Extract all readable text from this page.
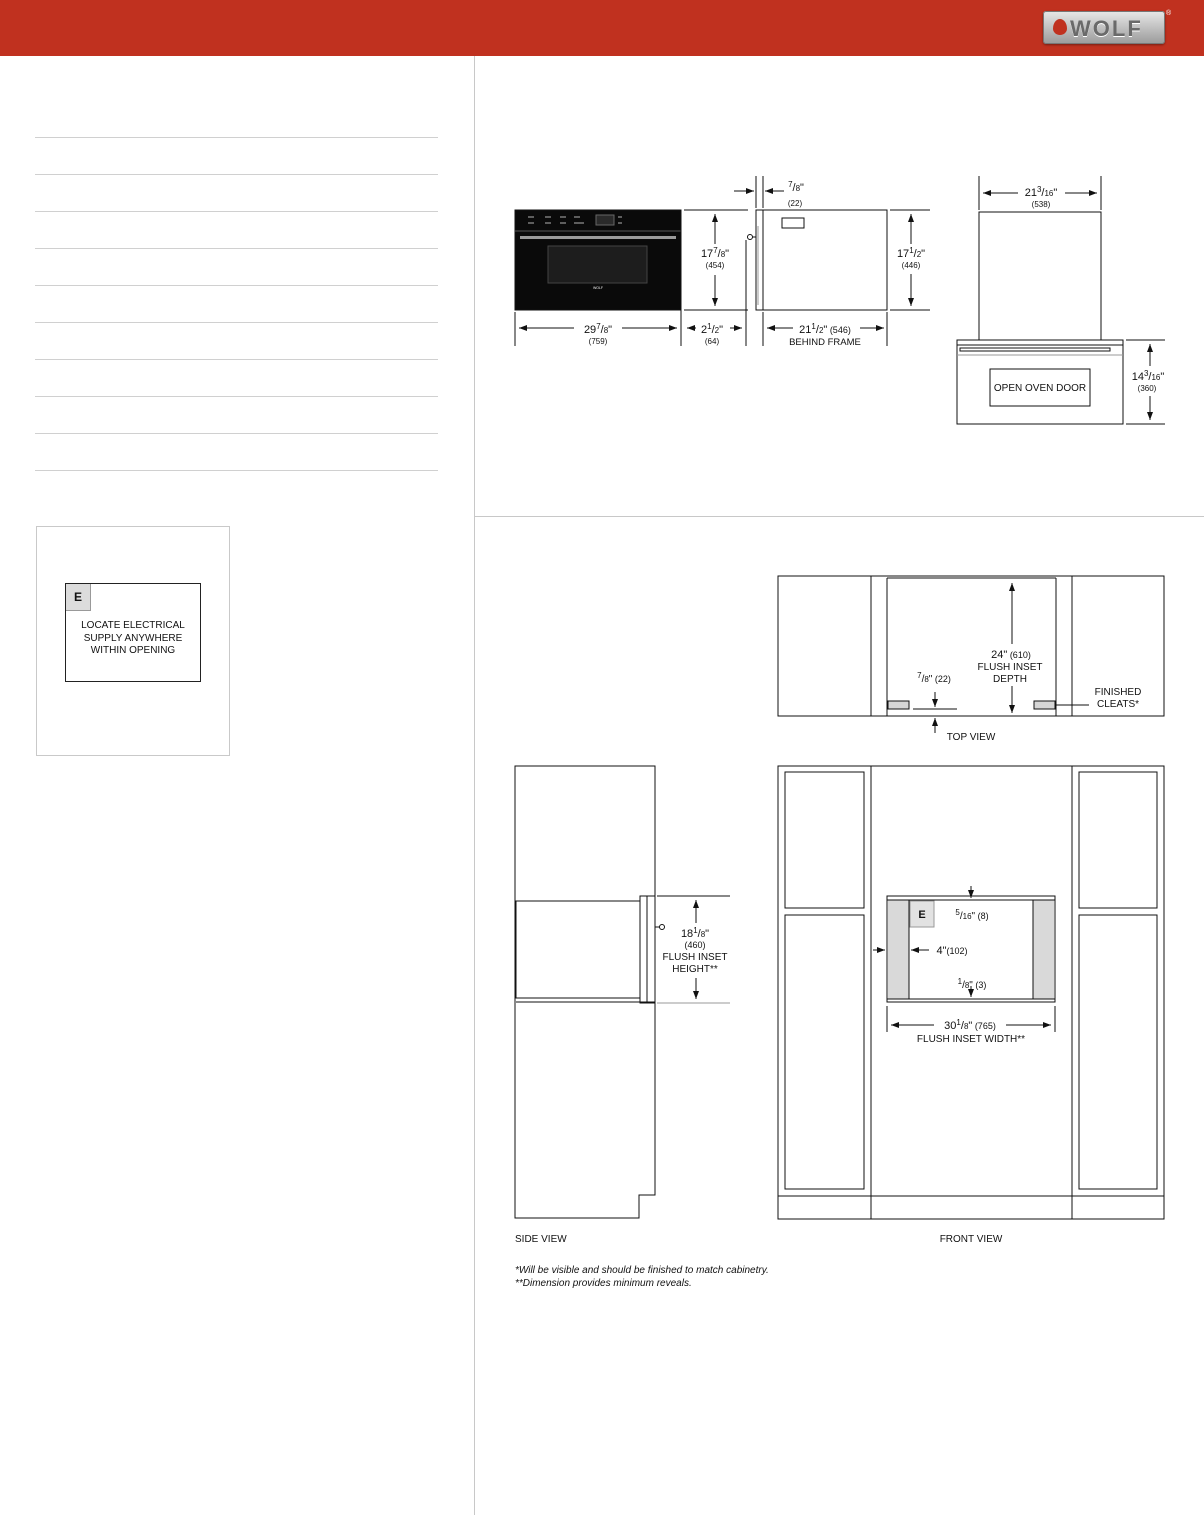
WOLF
®
E
LOCATE ELECTRICAL
SUPPLY ANYWHERE
WITHIN OPENING
WOLF
$29^7/8$"
(759)
$17^7/8$"
(454)
$^7$/8"
(22)
$2^1/2$"
(64)
$21^1/2$" (546)
BEHIND FRAME
$17^1/2$"
(446)
$21^3/16$"
(538)
$14^3/16$"
(360)
OPEN OVEN DOOR
24" (610)
FLUSH INSET
DEPTH
$^7$/8" (22)
FINISHED
CLEATS*
TOP VIEW
$18^1/8$"
(460)
FLUSH INSET
HEIGHT**
SIDE VIEW
E	$^5$/16" (8)
4"(102)
$^1$/8" (3)
$30^1/8$" (765)
FLUSH INSET WIDTH**
FRONT VIEW
*Will be visible and should be finished to match cabinetry.
**Dimension provides minimum reveals.
